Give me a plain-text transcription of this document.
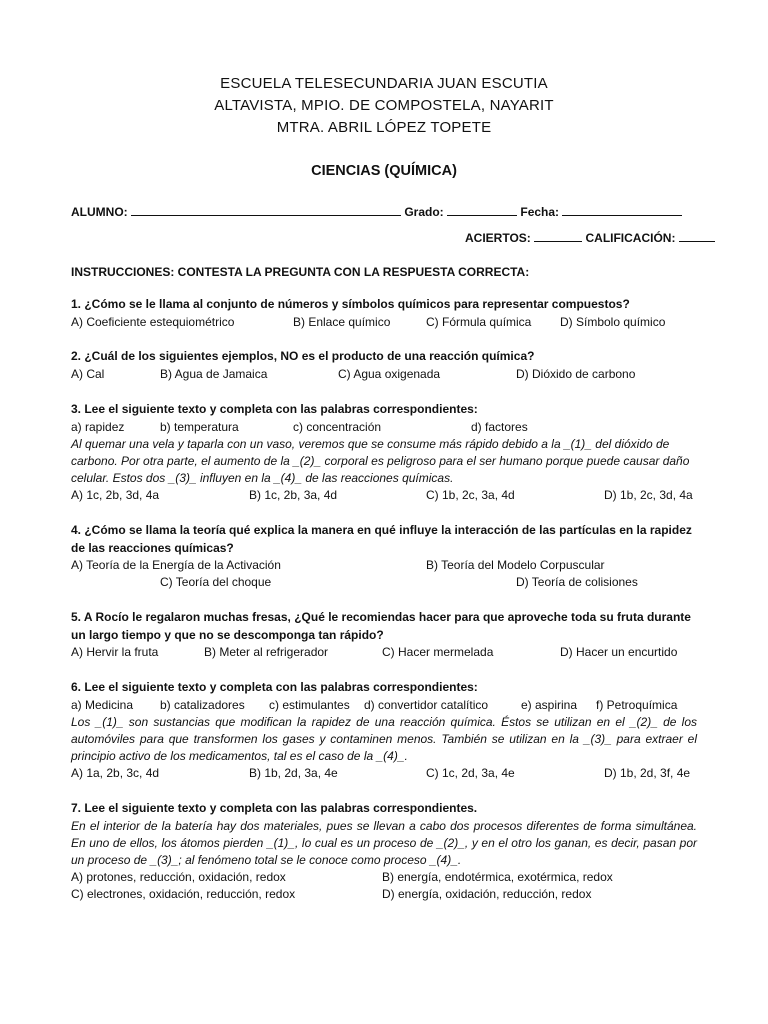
ESCUELA TELESECUNDARIA JUAN ESCUTIA
ALTAVISTA, MPIO. DE COMPOSTELA, NAYARIT
MTRA. ABRIL LÓPEZ TOPETE
CIENCIAS (QUÍMICA)
ALUMNO:	Grado:	Fecha:
ACIERTOS:	CALIFICACIÓN:
INSTRUCCIONES: CONTESTA LA PREGUNTA CON LA RESPUESTA CORRECTA:
1. ¿Cómo se le llama al conjunto de números y símbolos químicos para representar compuestos?
A) Coeficiente estequiométrico	B) Enlace químico	C) Fórmula química D) Símbolo químico
2. ¿Cuál de los siguientes ejemplos, NO es el producto de una reacción química?
A) Cal	B) Agua de Jamaica	C) Agua oxigenada	D) Dióxido de carbono
3. Lee el siguiente texto y completa con las palabras correspondientes:
a) rapidez	b) temperatura	c) concentración	d) factores
Al quemar una vela y taparla con un vaso, veremos que se consume más rápido debido a la _(1)_ del dióxido de carbono. Por otra parte, el aumento de la _(2)_ corporal es peligroso para el ser humano porque puede causar daño celular. Estos dos _(3)_ influyen en la _(4)_ de las reacciones químicas.
A) 1c, 2b, 3d, 4a	B) 1c, 2b, 3a, 4d	C) 1b, 2c, 3a, 4d	D) 1b, 2c, 3d, 4a
4. ¿Cómo se llama la teoría qué explica la manera en qué influye la interacción de las partículas en la rapidez de las reacciones químicas?
A) Teoría de la Energía de la Activación	B) Teoría del Modelo Corpuscular
C) Teoría del choque	D) Teoría de colisiones
5. A Rocío le regalaron muchas fresas, ¿Qué le recomiendas hacer para que aproveche toda su fruta durante un largo tiempo y que no se descomponga tan rápido?
A) Hervir la fruta	B) Meter al refrigerador	C) Hacer mermelada	D) Hacer un encurtido
6. Lee el siguiente texto y completa con las palabras correspondientes:
a) Medicina b) catalizadores c) estimulantes d) convertidor catalítico	e) aspirina f) Petroquímica
Los _(1)_ son sustancias que modifican la rapidez de una reacción química. Éstos se utilizan en el _(2)_ de los automóviles para que transformen los gases y contaminen menos. También se utilizan en la _(3)_ para extraer el principio activo de los medicamentos, tal es el caso de la _(4)_.
A) 1a, 2b, 3c, 4d	B) 1b, 2d, 3a, 4e	C) 1c, 2d, 3a, 4e	D) 1b, 2d, 3f, 4e
7. Lee el siguiente texto y completa con las palabras correspondientes.
En el interior de la batería hay dos materiales, pues se llevan a cabo dos procesos diferentes de forma simultánea. En uno de ellos, los átomos pierden _(1)_, lo cual es un proceso de _(2)_, y en el otro los ganan, es decir, pasan por un proceso de _(3)_; al fenómeno total se le conoce como proceso _(4)_.
A) protones, reducción, oxidación, redox	B) energía, endotérmica, exotérmica, redox
C) electrones, oxidación, reducción, redox	D) energía, oxidación, reducción, redox
